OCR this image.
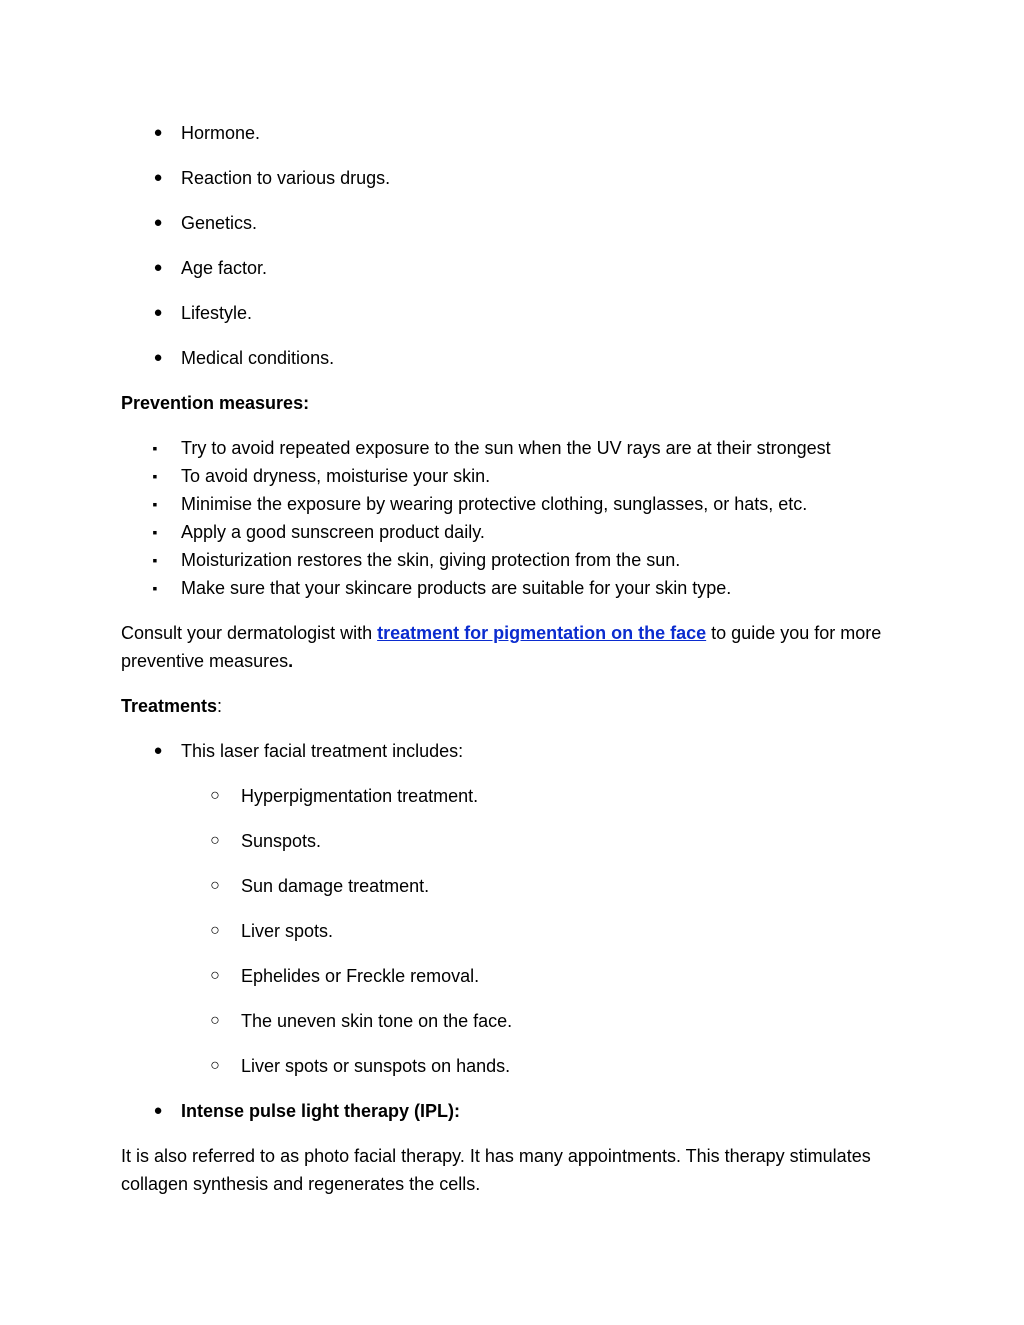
●	Hormone.
●	Reaction to various drugs.
●	Genetics.
●	Age factor.
●	Lifestyle.
●	Medical conditions.
Prevention measures:
▪	Try to avoid repeated exposure to the sun when the UV rays are at their strongest
▪	To avoid dryness, moisturise your skin.
▪	Minimise the exposure by wearing protective clothing, sunglasses, or hats, etc.
▪	Apply a good sunscreen product daily.
▪	Moisturization restores the skin, giving protection from the sun.
▪	Make sure that your skincare products are suitable for your skin type.
Consult your dermatologist with treatment for pigmentation on the face to guide you for more
preventive measures.
Treatments:
●	This laser facial treatment includes:
○ Hyperpigmentation treatment.
○ Sunspots.
○ Sun damage treatment.
○ Liver spots.
○ Ephelides or Freckle removal.
○ The uneven skin tone on the face.
○ Liver spots or sunspots on hands.
●	Intense pulse light therapy (IPL):
It is also referred to as photo facial therapy. It has many appointments. This therapy stimulates
collagen synthesis and regenerates the cells.
